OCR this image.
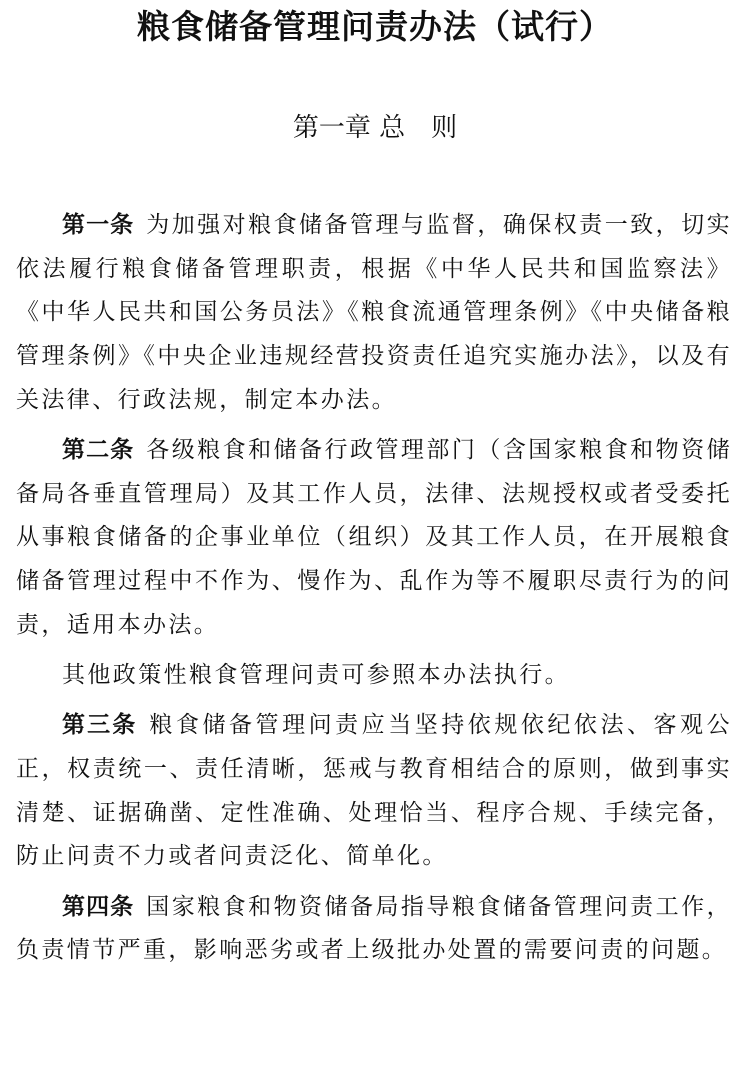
粮食储备管理问责办法（试行）
第一章 总　则

第一条 为加强对粮食储备管理与监督，确保权责一致，切实依法履行粮食储备管理职责，根据《中华人民共和国监察法》《中华人民共和国公务员法》《粮食流通管理条例》《中央储备粮管理条例》《中央企业违规经营投资责任追究实施办法》，以及有关法律、行政法规，制定本办法。

第二条 各级粮食和储备行政管理部门（含国家粮食和物资储备局各垂直管理局）及其工作人员，法律、法规授权或者受委托从事粮食储备的企事业单位（组织）及其工作人员，在开展粮食储备管理过程中不作为、慢作为、乱作为等不履职尽责行为的问责，适用本办法。

其他政策性粮食管理问责可参照本办法执行。

第三条 粮食储备管理问责应当坚持依规依纪依法、客观公正，权责统一、责任清晰，惩戒与教育相结合的原则，做到事实清楚、证据确凿、定性准确、处理恰当、程序合规、手续完备，防止问责不力或者问责泛化、简单化。

第四条 国家粮食和物资储备局指导粮食储备管理问责工作，负责情节严重，影响恶劣或者上级批办处置的需要问责的问题。
